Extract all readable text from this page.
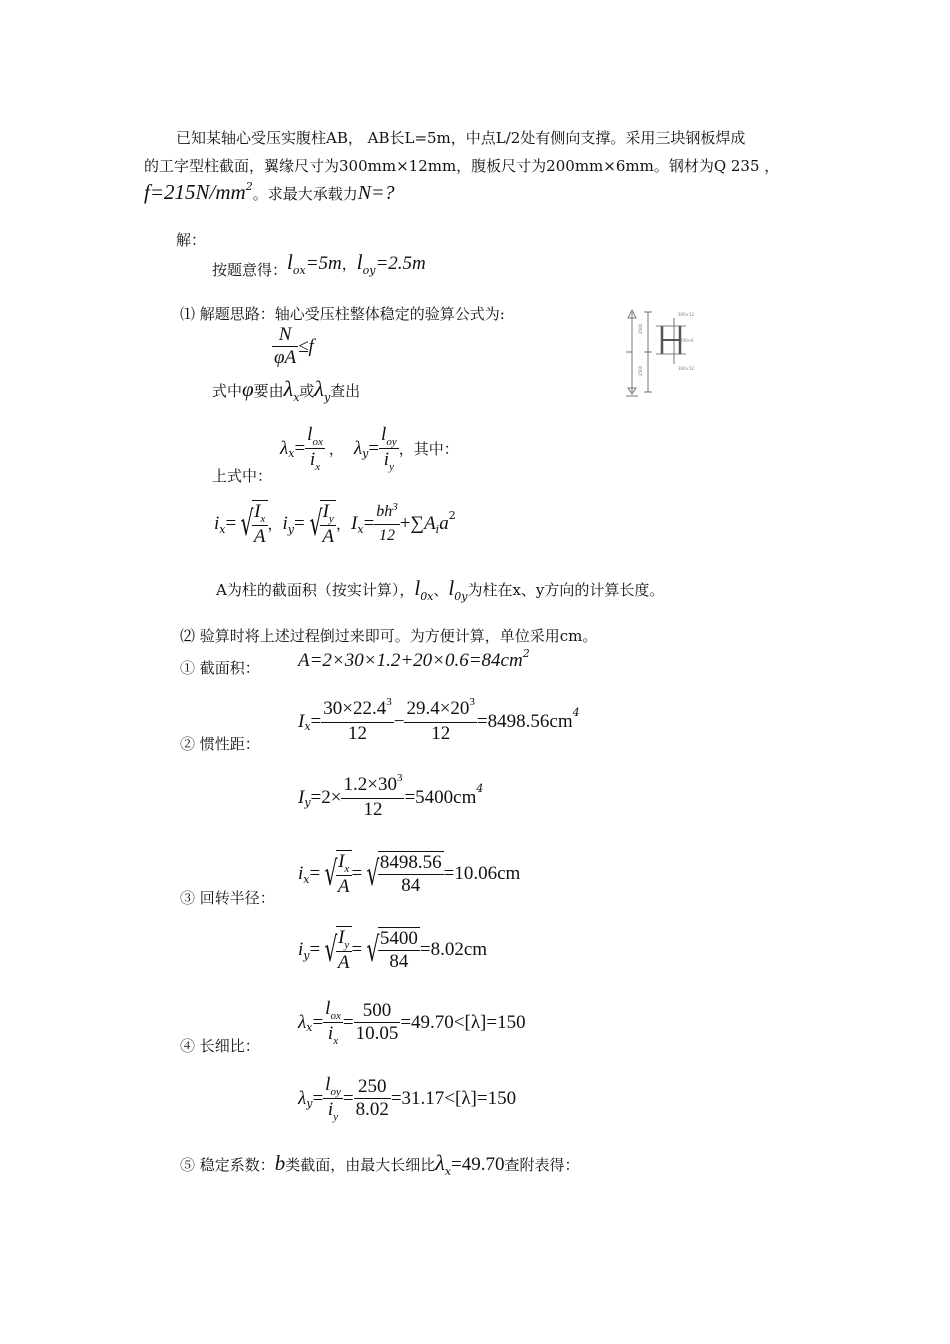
已知某轴心受压实腹柱AB， AB长L=5m，中点L/2处有侧向支撑。采用三块钢板焊成
的工字型柱截面，翼缘尺寸为300mm×12mm，腹板尺寸为200mm×6mm。钢材为Q 235 ，
$f=215N/mm^2$。求最大承载力N=?
解：
按题意得：$l_{ox}=5m$，$l_{oy}=2.5m$
⑴ 解题思路：轴心受压柱整体稳定的验算公式为:
2500
2500
300×12
200×6
300×12
$\frac{N}{\varphi A} \le f$
式中φ要由$\lambda_x$或$\lambda_y$查出
上式中：
λ $x = \frac{l_{ox}}{i_x}$ ， λ $y = \frac{l_{oy}}{i_y}$ ，其中：
i x = √
$\frac{I_x}{A}$ ， i y = √
$\frac{I_y}{A}$ ， I $x = \frac{bh^3}{12}$ +∑ A i a 2
A为柱的截面积（按实计算），$l_{0x}$、$l_{0y}$为柱在x、y方向的计算长度。
⑵ 验算时将上述过程倒过来即可。为方便计算，单位采用cm。
① 截面积： $A=2\times 30\times 1.2+20\times 0.6=84cm^2$
② 惯性距：
I $x = \frac{30\times 22.4^3}{12} - \frac{29.4\times 20^3}{12} =8498.56cm$ 4
I $y =2\times \frac{1.2\times 30^3}{12} =5400cm$ 4
③ 回转半径：
i x = √
$\frac{I_x}{A}$ = √
$\frac{8498.56}{84} =10.06cm$
i y = √
$\frac{I_y}{A}$ = √
$\frac{5400}{84} =8.02cm$
④ 长细比：
λ $x = \frac{l_{ox}}{i_x} = \frac{500}{10.05} =49.70<[\lambda]=150$
λ $y = \frac{l_{oy}}{i_y} = \frac{250}{8.02} =31.17<[\lambda]=150$
⑤ 稳定系数：b类截面，由最大长细比$\lambda_x=49.70$查附表得：
